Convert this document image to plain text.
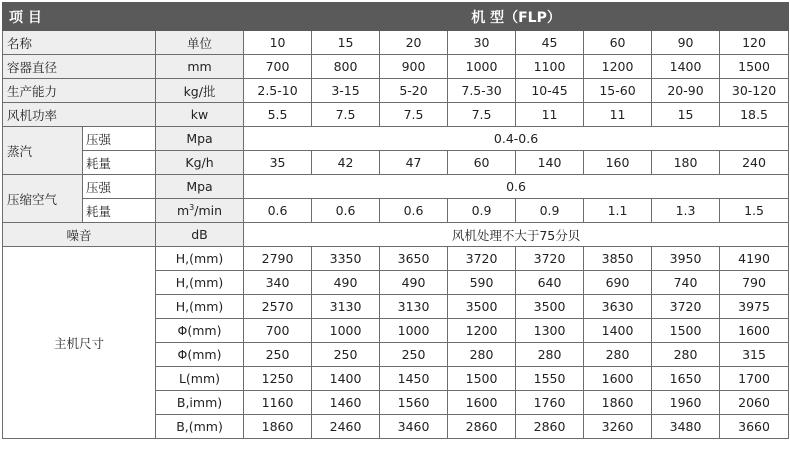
项 目			机 型（FLP）							
名称		单位	10	15	20	30	45	60	90	120
容器直径		mm	700	800	900	1000	1100	1200	1400	1500
生产能力		kg/批	2.5-10	3-15	5-20	7.5-30	10-45	15-60	20-90	30-120
风机功率		kw	5.5	7.5	7.5	7.5	11	11	15	18.5
蒸汽	压强	Mpa	0.4-0.6							
	耗量	Kg/h	35	42	47	60	140	160	180	240
压缩空气	压强	Mpa	0.6							
	耗量	$m^3/\min$	0.6	0.6	0.6	0.9	0.9	1.1	1.3	1.5
噪音		dB	风机处理不大于75分贝							
主机尺寸		H,(mm)	2790	3350	3650	3720	3720	3850	3950	4190
		H,(mm)	340	490	490	590	640	690	740	790
		H,(mm)	2570	3130	3130	3500	3500	3630	3720	3975
		Φ(mm)	700	1000	1000	1200	1300	1400	1500	1600
		Φ(mm)	250	250	250	280	280	280	280	315
		L(mm)	1250	1400	1450	1500	1550	1600	1650	1700
		B,imm)	1160	1460	1560	1600	1760	1860	1960	2060
		B,(mm)	1860	2460	3460	2860	2860	3260	3480	3660
